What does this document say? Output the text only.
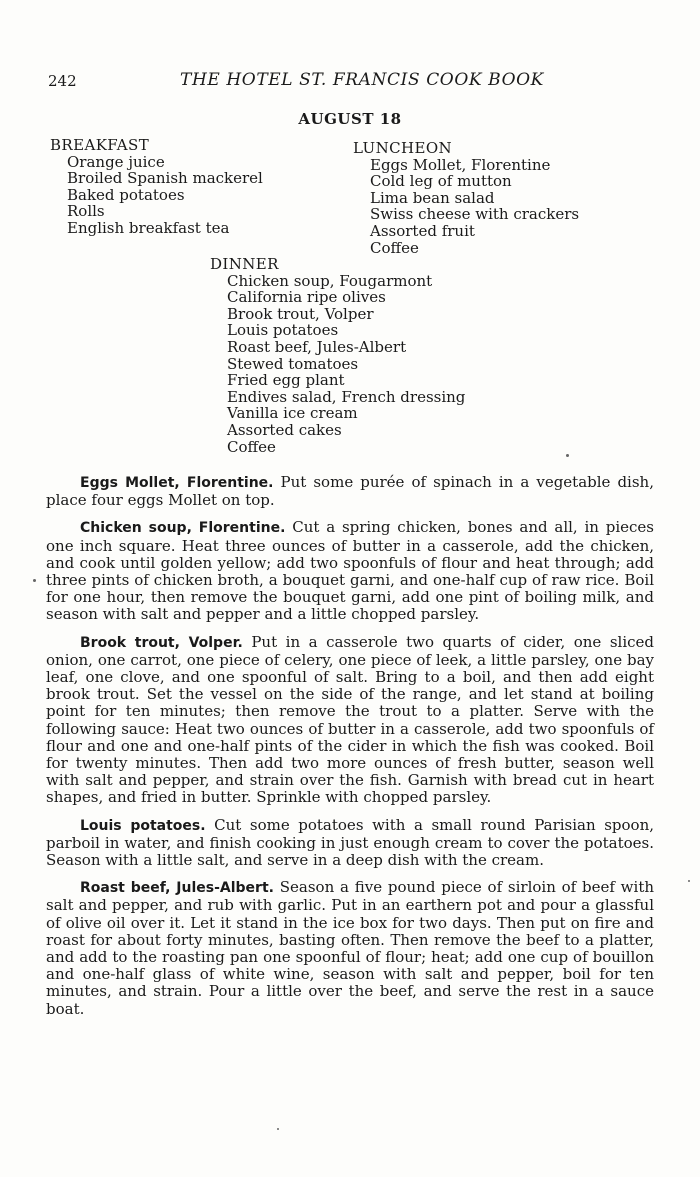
242	THE HOTEL ST. FRANCIS COOK BOOK
AUGUST 18
BREAKFAST
Orange juice
Broiled Spanish mackerel
Baked potatoes
Rolls
English breakfast tea
LUNCHEON
Eggs Mollet, Florentine
Cold leg of mutton
Lima bean salad
Swiss cheese with crackers
Assorted fruit
Coffee
DINNER
Chicken soup, Fougarmont
California ripe olives
Brook trout, Volper
Louis potatoes
Roast beef, Jules-Albert
Stewed tomatoes
Fried egg plant
Endives salad, French dressing
Vanilla ice cream
Assorted cakes
Coffee

Eggs Mollet, Florentine. Put some purée of spinach in a vegetable dish, place four eggs Mollet on top.

Chicken soup, Florentine. Cut a spring chicken, bones and all, in pieces one inch square. Heat three ounces of butter in a casserole, add the chicken, and cook until golden yellow; add two spoonfuls of flour and heat through; add three pints of chicken broth, a bouquet garni, and one-half cup of raw rice. Boil for one hour, then remove the bouquet garni, add one pint of boiling milk, and season with salt and pepper and a little chopped parsley.

Brook trout, Volper. Put in a casserole two quarts of cider, one sliced onion, one carrot, one piece of celery, one piece of leek, a little parsley, one bay leaf, one clove, and one spoonful of salt. Bring to a boil, and then add eight brook trout. Set the vessel on the side of the range, and let stand at boiling point for ten minutes; then remove the trout to a platter. Serve with the following sauce: Heat two ounces of butter in a casserole, add two spoonfuls of flour and one and one-half pints of the cider in which the fish was cooked. Boil for twenty minutes. Then add two more ounces of fresh butter, season well with salt and pepper, and strain over the fish. Garnish with bread cut in heart shapes, and fried in butter. Sprinkle with chopped parsley.

Louis potatoes. Cut some potatoes with a small round Parisian spoon, parboil in water, and finish cooking in just enough cream to cover the potatoes. Season with a little salt, and serve in a deep dish with the cream.

Roast beef, Jules-Albert. Season a five pound piece of sirloin of beef with salt and pepper, and rub with garlic. Put in an earthern pot and pour a glassful of olive oil over it. Let it stand in the ice box for two days. Then put on fire and roast for about forty minutes, basting often. Then remove the beef to a platter, and add to the roasting pan one spoonful of flour; heat; add one cup of bouillon and one-half glass of white wine, season with salt and pepper, boil for ten minutes, and strain. Pour a little over the beef, and serve the rest in a sauce boat.
